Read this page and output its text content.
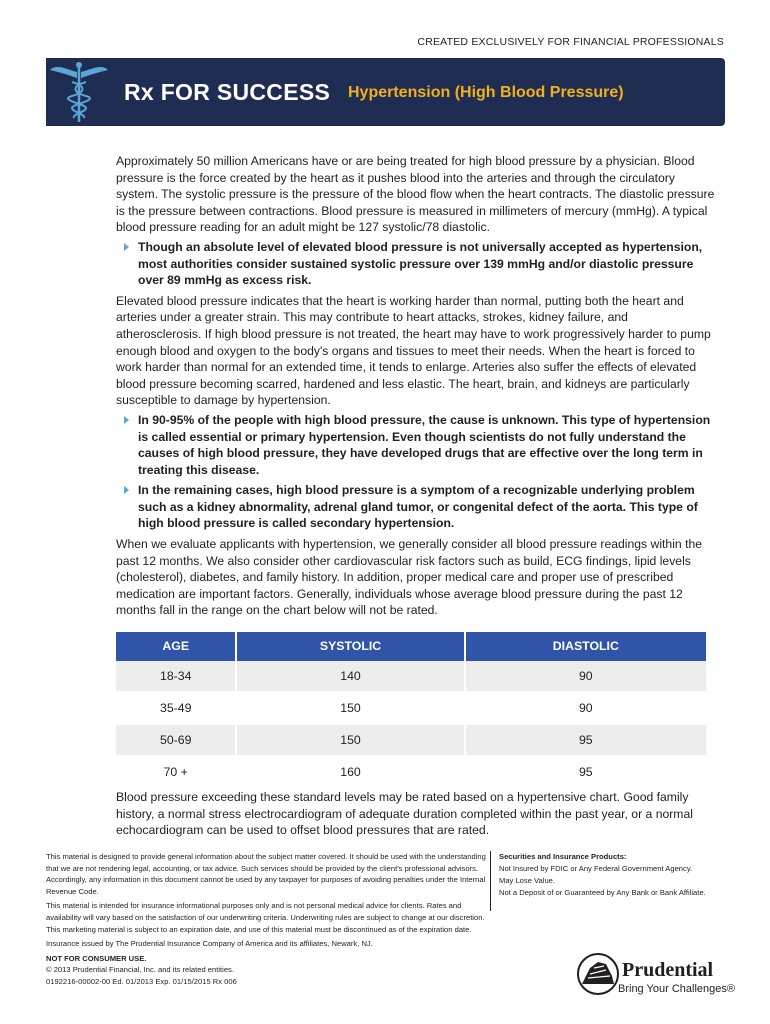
CREATED EXCLUSIVELY FOR FINANCIAL PROFESSIONALS
Rx FOR SUCCESS Hypertension (High Blood Pressure)

Approximately 50 million Americans have or are being treated for high blood pressure by a physician. Blood pressure is the force created by the heart as it pushes blood into the arteries and through the circulatory system. The systolic pressure is the pressure of the blood flow when the heart contracts. The diastolic pressure is the pressure between contractions. Blood pressure is measured in millimeters of mercury (mmHg). A typical blood pressure reading for an adult might be 127 systolic/78 diastolic.

Though an absolute level of elevated blood pressure is not universally accepted as hypertension, most authorities consider sustained systolic pressure over 139 mmHg and/or diastolic pressure over 89 mmHg as excess risk.

Elevated blood pressure indicates that the heart is working harder than normal, putting both the heart and arteries under a greater strain. This may contribute to heart attacks, strokes, kidney failure, and atherosclerosis. If high blood pressure is not treated, the heart may have to work progressively harder to pump enough blood and oxygen to the body's organs and tissues to meet their needs. When the heart is forced to work harder than normal for an extended time, it tends to enlarge. Arteries also suffer the effects of elevated blood pressure becoming scarred, hardened and less elastic. The heart, brain, and kidneys are particularly susceptible to damage by hypertension.

In 90-95% of the people with high blood pressure, the cause is unknown. This type of hypertension is called essential or primary hypertension. Even though scientists do not fully understand the causes of high blood pressure, they have developed drugs that are effective over the long term in treating this disease.
In the remaining cases, high blood pressure is a symptom of a recognizable underlying problem such as a kidney abnormality, adrenal gland tumor, or congenital defect of the aorta. This type of high blood pressure is called secondary hypertension.

When we evaluate applicants with hypertension, we generally consider all blood pressure readings within the past 12 months. We also consider other cardiovascular risk factors such as build, ECG findings, lipid levels (cholesterol), diabetes, and family history. In addition, proper medical care and proper use of prescribed medication are important factors. Generally, individuals whose average blood pressure during the past 12 months fall in the range on the chart below will not be rated.

AGE	SYSTOLIC	DIASTOLIC
18-34	140	90
35-49	150	90
50-69	150	95
70 +	160	95

Blood pressure exceeding these standard levels may be rated based on a hypertensive chart. Good family history, a normal stress electrocardiogram of adequate duration completed within the past year, or a normal echocardiogram can be used to offset blood pressures that are rated.

This material is designed to provide general information about the subject matter covered. It should be used with the understanding that we are not rendering legal, accounting, or tax advice. Such services should be provided by the client's professional advisors. Accordingly, any information in this document cannot be used by any taxpayer for purposes of avoiding penalties under the Internal Revenue Code.

This material is intended for insurance informational purposes only and is not personal medical advice for clients. Rates and availability will vary based on the satisfaction of our underwriting criteria. Underwriting rules are subject to change at our discretion. This marketing material is subject to an expiration date, and use of this material must be discontinued as of the expiration date.

Insurance issued by The Prudential Insurance Company of America and its affiliates, Newark, NJ.

NOT FOR CONSUMER USE.
© 2013 Prudential Financial, Inc. and its related entities.
0192216-00002-00 Ed. 01/2013 Exp. 01/15/2015 Rx 006
Securities and Insurance Products:
Not Insured by FDIC or Any Federal Government Agency.
May Lose Value.
Not a Deposit of or Guaranteed by Any Bank or Bank Affiliate.
Prudential
Bring Your Challenges®
